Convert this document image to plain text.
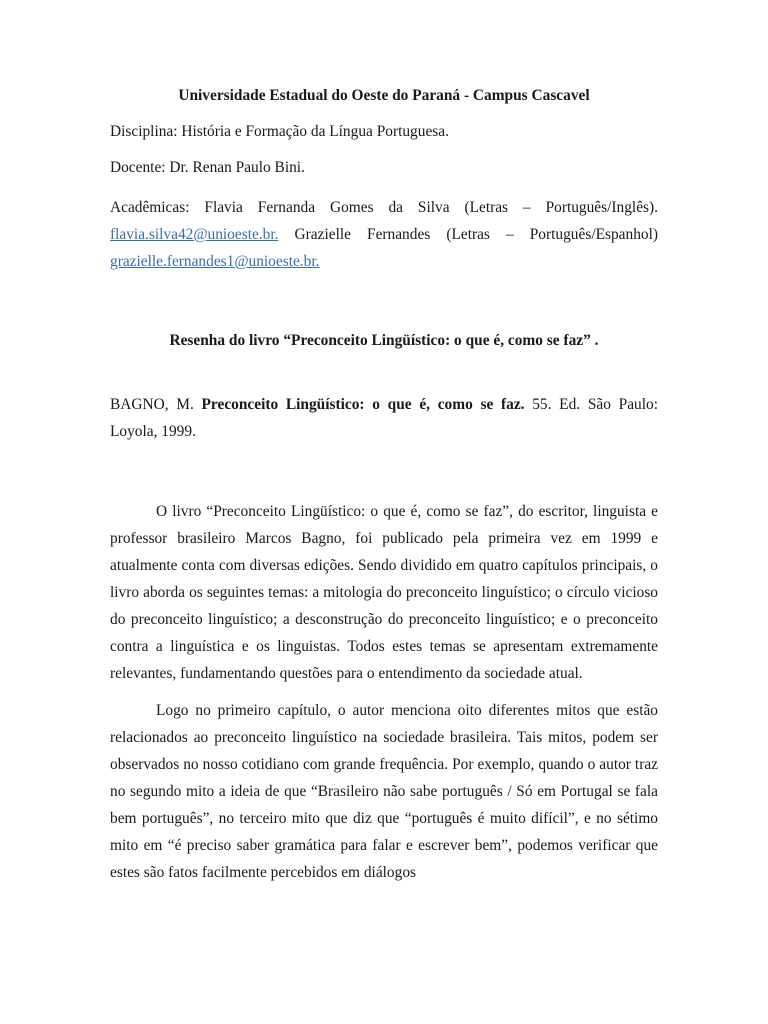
Universidade Estadual do Oeste do Paraná - Campus Cascavel

Disciplina: História e Formação da Língua Portuguesa.

Docente: Dr. Renan Paulo Bini.

Acadêmicas: Flavia Fernanda Gomes da Silva (Letras – Português/Inglês). flavia.silva42@unioeste.br. Grazielle Fernandes (Letras – Português/Espanhol) grazielle.fernandes1@unioeste.br.

Resenha do livro “Preconceito Lingüístico: o que é, como se faz” .

BAGNO, M. Preconceito Lingüístico: o que é, como se faz. 55. Ed. São Paulo: Loyola, 1999.

O livro “Preconceito Lingüístico: o que é, como se faz”, do escritor, linguista e professor brasileiro Marcos Bagno, foi publicado pela primeira vez em 1999 e atualmente conta com diversas edições. Sendo dividido em quatro capítulos principais, o livro aborda os seguintes temas: a mitologia do preconceito linguístico; o círculo vicioso do preconceito linguístico; a desconstrução do preconceito linguístico; e o preconceito contra a linguística e os linguistas. Todos estes temas se apresentam extremamente relevantes, fundamentando questões para o entendimento da sociedade atual.

Logo no primeiro capítulo, o autor menciona oito diferentes mitos que estão relacionados ao preconceito linguístico na sociedade brasileira. Tais mitos, podem ser observados no nosso cotidiano com grande frequência. Por exemplo, quando o autor traz no segundo mito a ideia de que “Brasileiro não sabe português / Só em Portugal se fala bem português”, no terceiro mito que diz que “português é muito difícil”, e no sétimo mito em “é preciso saber gramática para falar e escrever bem”, podemos verificar que estes são fatos facilmente percebidos em diálogos
